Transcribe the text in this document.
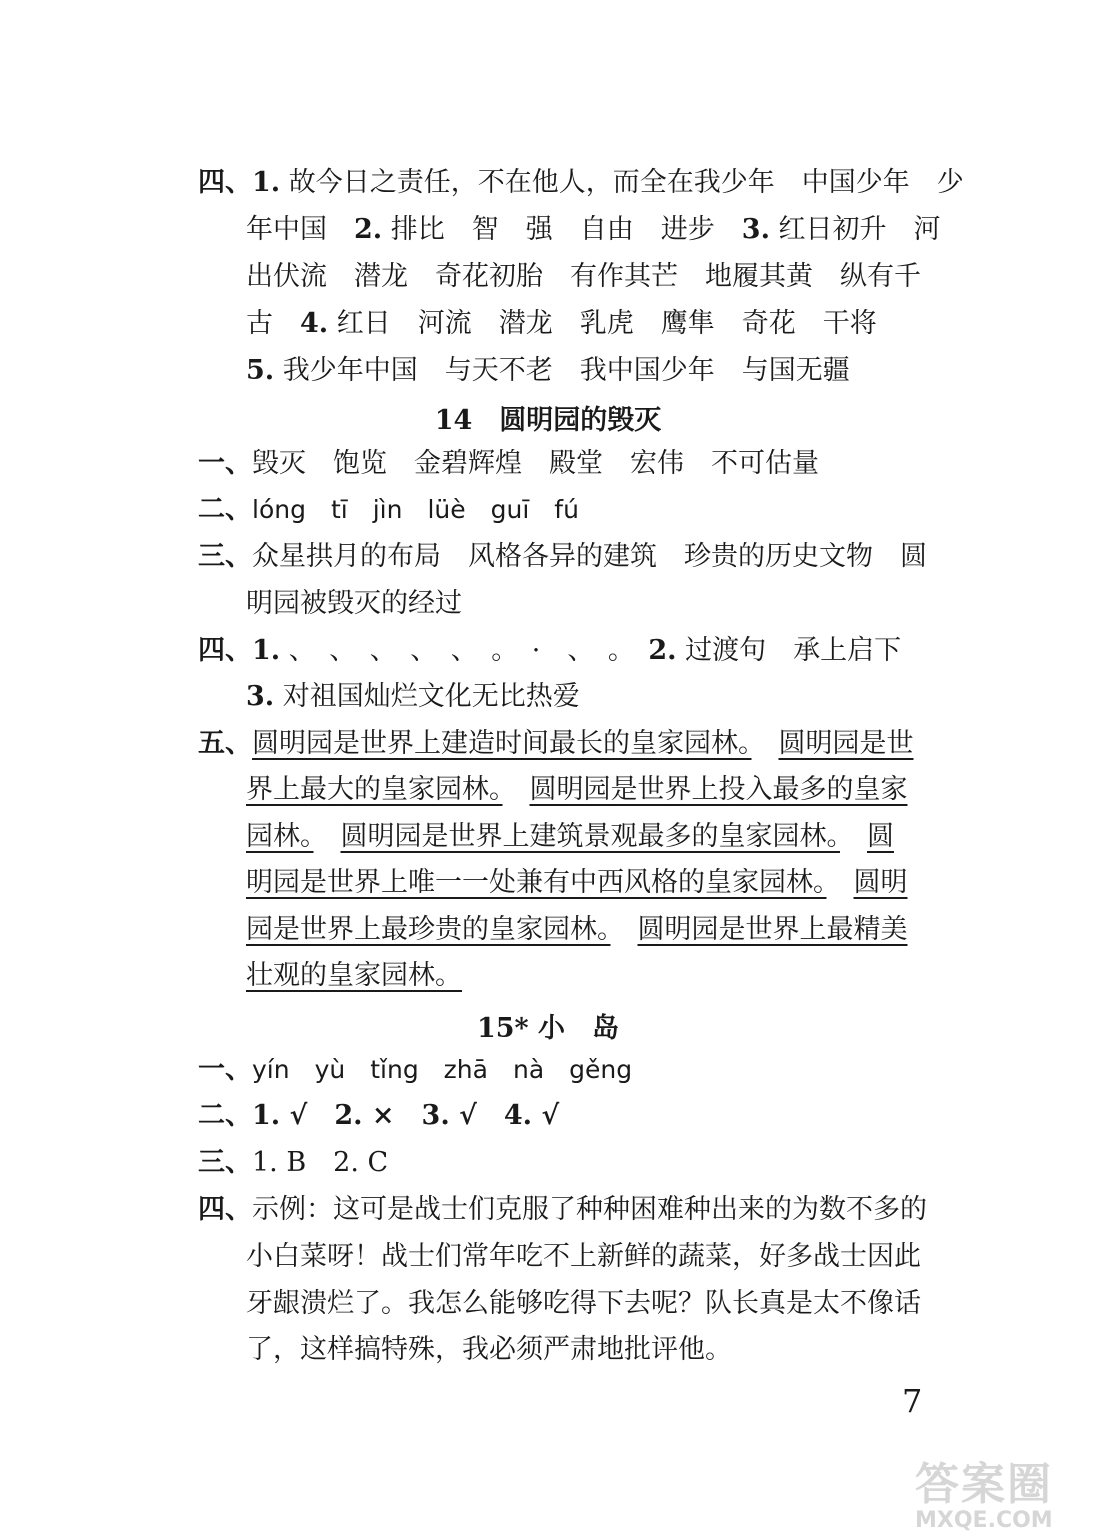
四、1. 故今日之责任，不在他人，而全在我少年　中国少年　少
年中国　2. 排比　智　强　自由　进步　3. 红日初升　河
出伏流　潜龙　奇花初胎　有作其芒　地履其黄　纵有千
古　4. 红日　河流　潜龙　乳虎　鹰隼　奇花　干将
5. 我少年中国　与天不老　我中国少年　与国无疆
14　圆明园的毁灭
一、毁灭　饱览　金碧辉煌　殿堂　宏伟　不可估量
二、lóng　tī　jìn　lüè　guī　fú
三、众星拱月的布局　风格各异的建筑　珍贵的历史文物　圆
明园被毁灭的经过
四、1. 、　、　、　、　、　。　·　、　。　2. 过渡句　承上启下
3. 对祖国灿烂文化无比热爱
五、圆明园是世界上建造时间最长的皇家园林。　 圆明园是世
界上最大的皇家园林。　 圆明园是世界上投入最多的皇家
园林。　 圆明园是世界上建筑景观最多的皇家园林。　 圆
明园是世界上唯一一处兼有中西风格的皇家园林。　 圆明
园是世界上最珍贵的皇家园林。　 圆明园是世界上最精美
壮观的皇家园林。
15* 小　岛
一、yín　yù　tǐng　zhā　nà　gěng
二、1. √　2. ×　3. √　4. √
三、1. B　2. C
四、示例：这可是战士们克服了种种困难种出来的为数不多的
小白菜呀！战士们常年吃不上新鲜的蔬菜，好多战士因此
牙龈溃烂了。我怎么能够吃得下去呢？队长真是太不像话
了，这样搞特殊，我必须严肃地批评他。
7
答案圈
MXQE.COM
